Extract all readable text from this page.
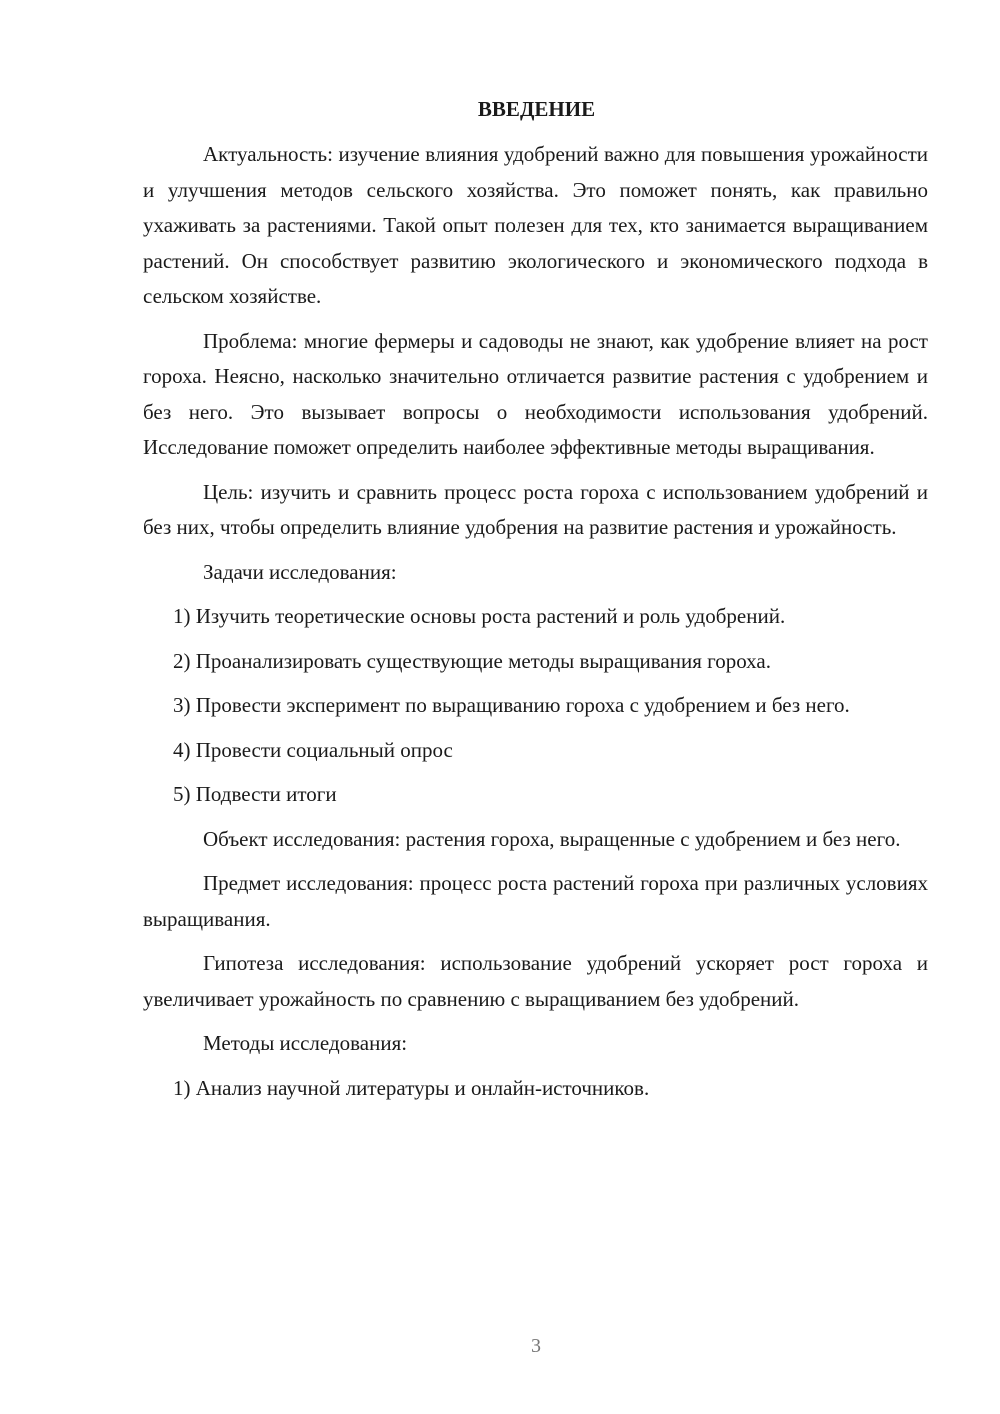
ВВЕДЕНИЕ

Актуальность: изучение влияния удобрений важно для повышения урожайности и улучшения методов сельского хозяйства. Это поможет понять, как правильно ухаживать за растениями. Такой опыт полезен для тех, кто занимается выращиванием растений. Он способствует развитию экологического и экономического подхода в сельском хозяйстве.

Проблема: многие фермеры и садоводы не знают, как удобрение влияет на рост гороха. Неясно, насколько значительно отличается развитие растения с удобрением и без него. Это вызывает вопросы о необходимости использования удобрений. Исследование поможет определить наиболее эффективные методы выращивания.

Цель: изучить и сравнить процесс роста гороха с использованием удобрений и без них, чтобы определить влияние удобрения на развитие растения и урожайность.

Задачи исследования:

1) Изучить теоретические основы роста растений и роль удобрений.

2) Проанализировать существующие методы выращивания гороха.

3) Провести эксперимент по выращиванию гороха с удобрением и без него.

4) Провести социальный опрос

5) Подвести итоги

Объект исследования: растения гороха, выращенные с удобрением и без него.

Предмет исследования: процесс роста растений гороха при различных условиях выращивания.

Гипотеза исследования: использование удобрений ускоряет рост гороха и увеличивает урожайность по сравнению с выращиванием без удобрений.

Методы исследования:

1) Анализ научной литературы и онлайн-источников.

3
